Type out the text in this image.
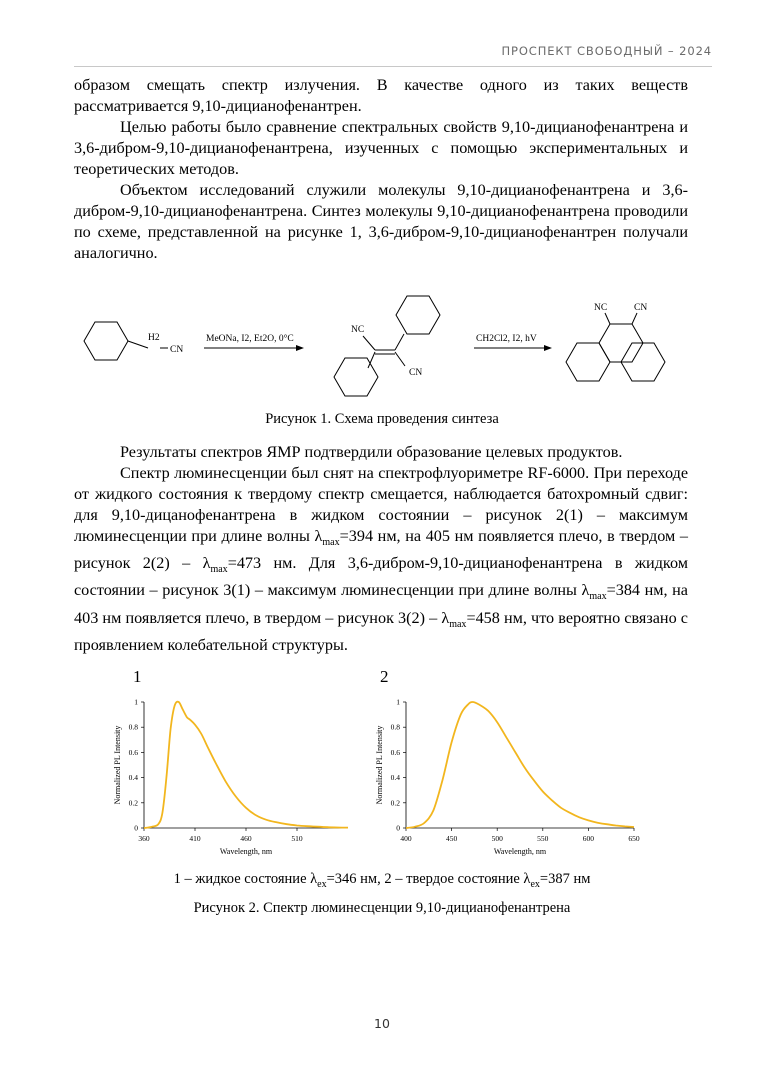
ПРОСПЕКТ СВОБОДНЫЙ – 2024

образом смещать спектр излучения. В качестве одного из таких веществ рассматривается 9,10-дицианофенантрен.

Целью работы было сравнение спектральных свойств 9,10-дицианофенантрена и 3,6-дибром-9,10-дицианофенантрена, изученных с помощью экспериментальных и теоретических методов.

Объектом исследований служили молекулы 9,10-дицианофенантрена и 3,6-дибром-9,10-дицианофенантрена. Синтез молекулы 9,10-дицианофенантрена проводили по схеме, представленной на рисунке 1, 3,6-дибром-9,10-дицианофенантрен получали аналогично.

H2
CN
MeONa, I2, Et2O, 0°C
NC
CN
CH2Cl2, I2, hV
NC	CN
Рисунок 1. Схема проведения синтеза

Результаты спектров ЯМР подтвердили образование целевых продуктов.

Спектр люминесценции был снят на спектрофлуориметре RF-6000. При переходе от жидкого состояния к твердому спектр смещается, наблюдается батохромный сдвиг: для 9,10-дицанофенантрена в жидком состоянии – рисунок 2(1) – максимум люминесценции при длине волны $\lambda_{max}=394$ нм, на 405 нм появляется плечо, в твердом – рисунок $2(2) - \lambda_{max}=473$ нм. Для 3,6-дибром-9,10-дицианофенантрена в жидком состоянии – рисунок 3(1) – максимум люминесценции при длине волны $\lambda_{max}=384$ нм, на 403 нм появляется плечо, в твердом – рисунок $3(2) - \lambda_{max}=458$ нм, что вероятно связано с проявлением колебательной структуры.

1	2
360	410	460	510
0
0.2
0.4
0.6
0.8
1
Wavelength, nm
Normalized PL Intensity
400	450	500	550	600	650
0
0.2
0.4
0.6
0.8
1
Wavelength, nm
Normalized PL Intensity
1 – жидкое состояние $\lambda_{ex}=346$ нм, 2 – твердое состояние $\lambda_{ex}=387$ нм
Рисунок 2. Спектр люминесценции 9,10-дицианофенантрена
10
